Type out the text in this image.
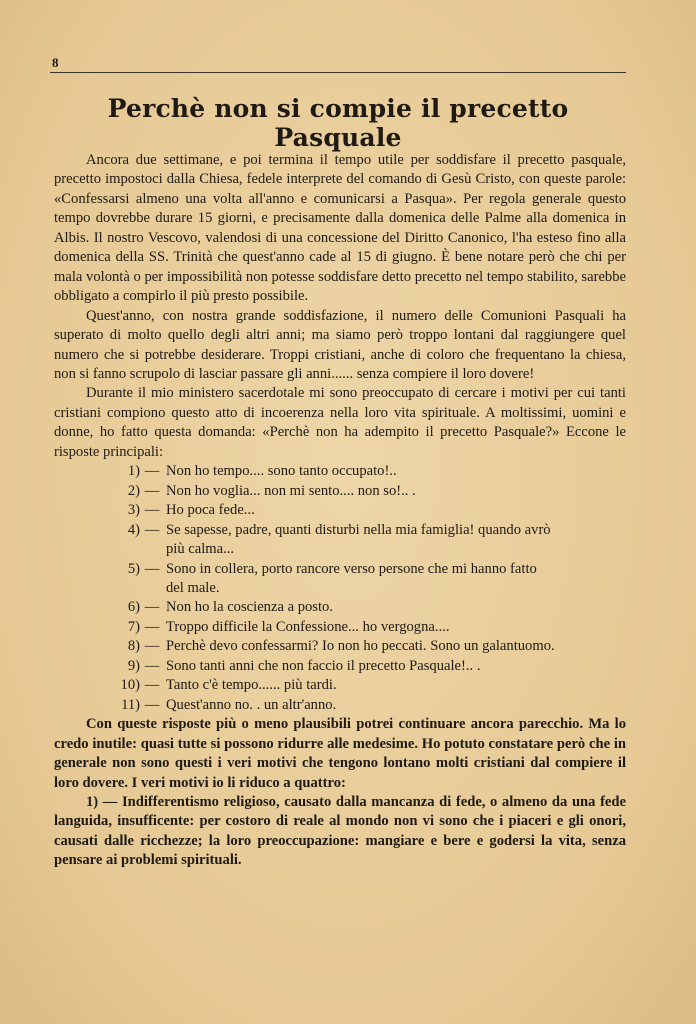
8
Perchè non si compie il precetto Pasquale

Ancora due settimane, e poi termina il tempo utile per soddisfare il precetto pasquale, precetto impostoci dalla Chiesa, fedele interprete del comando di Gesù Cristo, con queste parole: «Confessarsi almeno una volta all'anno e comunicarsi a Pasqua». Per regola generale questo tempo dovrebbe durare 15 giorni, e precisamente dalla domenica delle Palme alla domenica in Albis. Il nostro Vescovo, valendosi di una concessione del Diritto Canonico, l'ha esteso fino alla domenica della SS. Trinità che quest'anno cade al 15 di giugno. È bene notare però che chi per mala volontà o per impossibilità non potesse soddisfare detto precetto nel tempo stabilito, sarebbe obbligato a compirlo il più presto possibile.

Quest'anno, con nostra grande soddisfazione, il numero delle Comunioni Pasquali ha superato di molto quello degli altri anni; ma siamo però troppo lontani dal raggiungere quel numero che si potrebbe desiderare. Troppi cristiani, anche di coloro che frequentano la chiesa, non si fanno scrupolo di lasciar passare gli anni...... senza compiere il loro dovere!

Durante il mio ministero sacerdotale mi sono preoccupato di cercare i motivi per cui tanti cristiani compiono questo atto di incoerenza nella loro vita spirituale. A moltissimi, uomini e donne, ho fatto questa domanda: «Perchè non ha adempito il precetto Pasquale?» Eccone le risposte principali:

1) — Non ho tempo.... sono tanto occupato!..
2) — Non ho voglia... non mi sento.... non so!.. .
3) — Ho poca fede...
4) — Se sapesse, padre, quanti disturbi nella mia famiglia! quando avrò
più calma...
5) — Sono in collera, porto rancore verso persone che mi hanno fatto
del male.
6) — Non ho la coscienza a posto.
7) — Troppo difficile la Confessione... ho vergogna....
8) — Perchè devo confessarmi? Io non ho peccati. Sono un galantuomo.
9) — Sono tanti anni che non faccio il precetto Pasquale!.. .
10) — Tanto c'è tempo...... più tardi.
11) — Quest'anno no. . un altr'anno.

Con queste risposte più o meno plausibili potrei continuare ancora parecchio. Ma lo credo inutile: quasi tutte si possono ridurre alle medesime. Ho potuto constatare però che in generale non sono questi i veri motivi che tengono lontano molti cristiani dal compiere il loro dovere. I veri motivi io li riduco a quattro:

1) — Indifferentismo religioso, causato dalla mancanza di fede, o almeno da una fede languida, insufficente: per costoro di reale al mondo non vi sono che i piaceri e gli onori, causati dalle ricchezze; la loro preoccupazione: mangiare e bere e godersi la vita, senza pensare ai problemi spirituali.
